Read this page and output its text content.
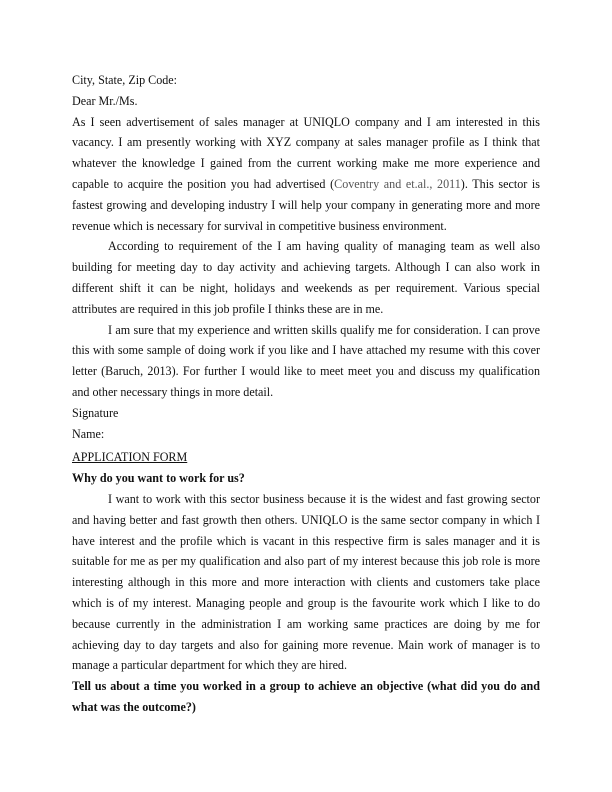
City, State, Zip Code:
Dear Mr./Ms.

As I seen advertisement of sales manager at UNIQLO company and I am interested in this vacancy. I am presently working with XYZ company at sales manager profile as I think that whatever the knowledge I gained from the current working make me more experience and capable to acquire the position you had advertised (Coventry and et.al., 2011). This sector is fastest growing and developing industry I will help your company in generating more and more revenue which is necessary for survival in competitive business environment.

According to requirement of the I am having quality of managing team as well also building for meeting day to day activity and achieving targets. Although I can also work in different shift it can be night, holidays and weekends as per requirement. Various special attributes are required in this job profile I thinks these are in me.

I am sure that my experience and written skills qualify me for consideration. I can prove this with some sample of doing work if you like and I have attached my resume with this cover letter (Baruch, 2013). For further I would like to meet meet you and discuss my qualification and other necessary things in more detail.

Signature
Name:
APPLICATION FORM

Why do you want to work for us?

I want to work with this sector business because it is the widest and fast growing sector and having better and fast growth then others. UNIQLO is the same sector company in which I have interest and the profile which is vacant in this respective firm is sales manager and it is suitable for me as per my qualification and also part of my interest because this job role is more interesting although in this more and more interaction with clients and customers take place which is of my interest. Managing people and group is the favourite work which I like to do because currently in the administration I am working same practices are doing by me for achieving day to day targets and also for gaining more revenue. Main work of manager is to manage a particular department for which they are hired.

Tell us about a time you worked in a group to achieve an objective (what did you do and what was the outcome?)
